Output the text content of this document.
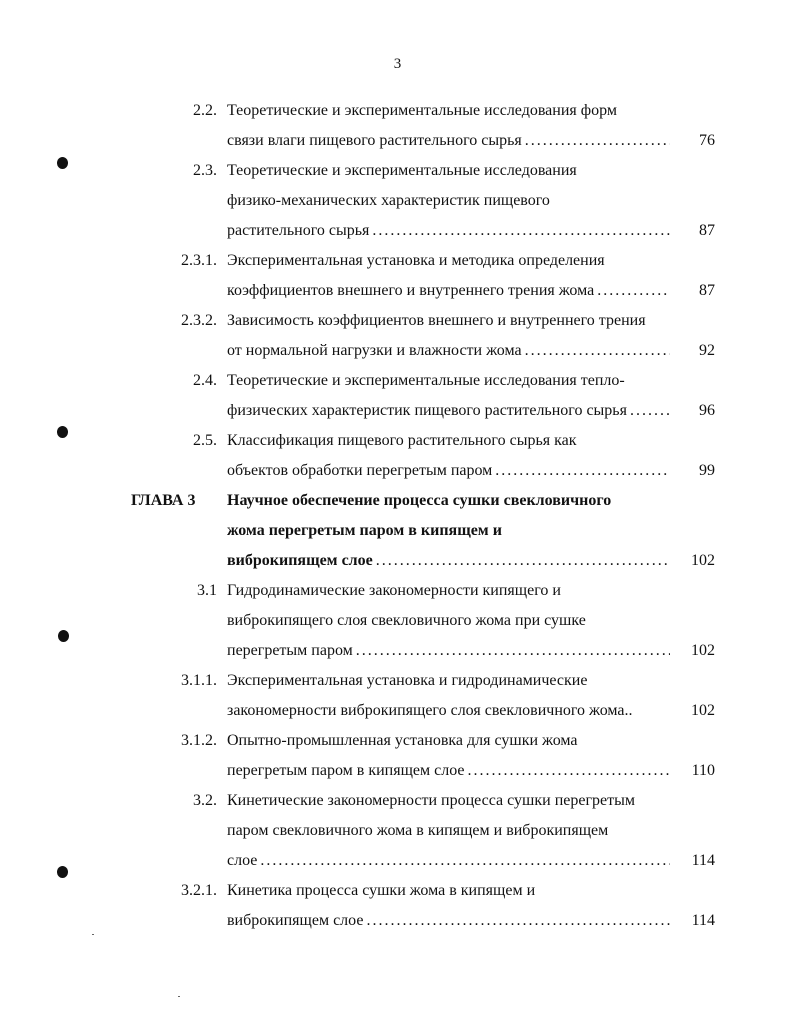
3
2.2. Теоретические и экспериментальные исследования форм
связи влаги пищевого растительного сырья . . .	76
2.3. Теоретические и экспериментальные исследования
физико-механических характеристик пищевого
растительного сырья . . .	87
2.3.1. Экспериментальная установка и методика определения
коэффициентов внешнего и внутреннего трения жома . . .	87
2.3.2. Зависимость коэффициентов внешнего и внутреннего трения
от нормальной нагрузки и влажности жома . . .	92
2.4. Теоретические и экспериментальные исследования тепло-
физических характеристик пищевого растительного сырья . . .	96
2.5. Классификация пищевого растительного сырья как
объектов обработки перегретым паром . . .	99
ГЛАВА 3 Научное обеспечение процесса сушки свекловичного
жома перегретым паром в кипящем и
виброкипящем слое . . .	102
3.1 Гидродинамические закономерности кипящего и
виброкипящего слоя свекловичного жома при сушке
перегретым паром . . .	102
3.1.1. Экспериментальная установка и гидродинамические
закономерности виброкипящего слоя свекловичного жома..	102
3.1.2. Опытно-промышленная установка для сушки жома
перегретым паром в кипящем слое . . .	110
3.2. Кинетические закономерности процесса сушки перегретым
паром свекловичного жома в кипящем и виброкипящем
слое . . .	114
3.2.1. Кинетика процесса сушки жома в кипящем и
виброкипящем слое . . .	114
